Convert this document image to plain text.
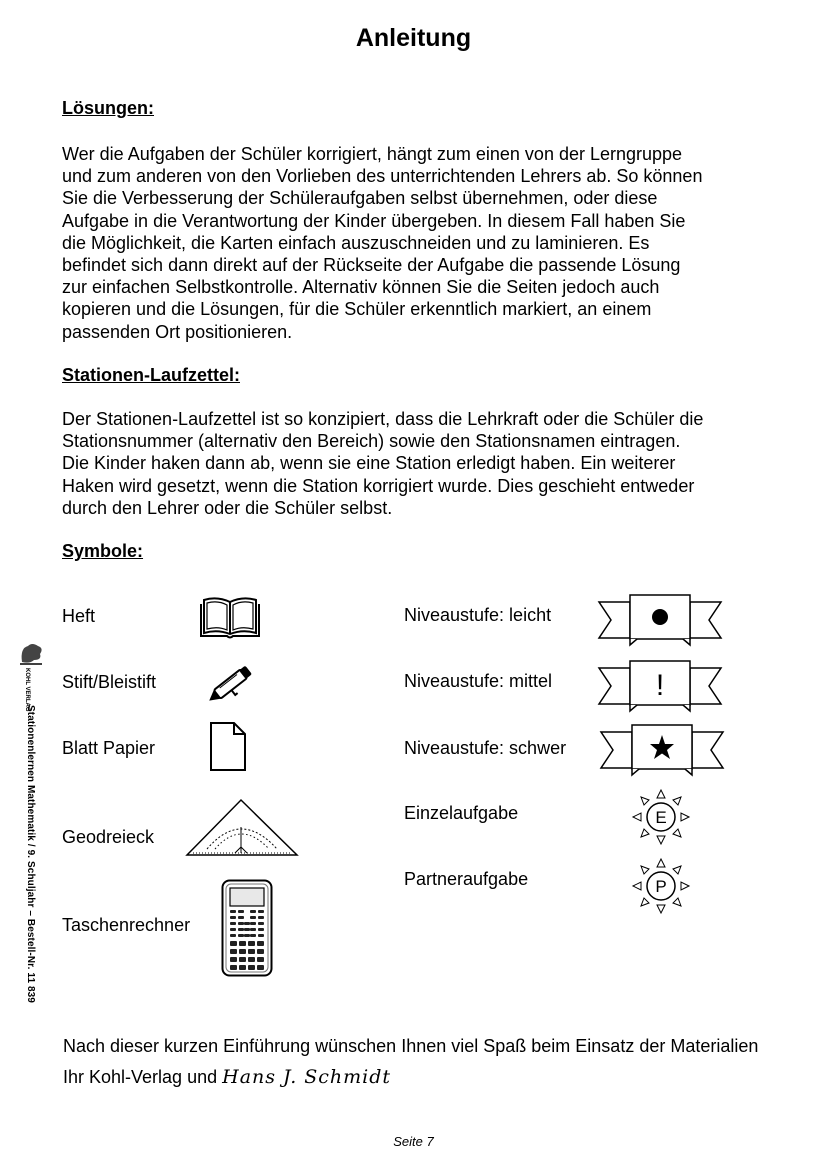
Anleitung
Lösungen:
Wer die Aufgaben der Schüler korrigiert, hängt zum einen von der Lerngruppe
und zum anderen von den Vorlieben des unterrichtenden Lehrers ab. So können
Sie die Verbesserung der Schüleraufgaben selbst übernehmen, oder diese
Aufgabe in die Verantwortung der Kinder übergeben. In diesem Fall haben Sie
die Möglichkeit, die Karten einfach auszuschneiden und zu laminieren. Es
befindet sich dann direkt auf der Rückseite der Aufgabe die passende Lösung
zur einfachen Selbstkontrolle. Alternativ können Sie die Seiten jedoch auch
kopieren und die Lösungen, für die Schüler erkenntlich markiert, an einem
passenden Ort positionieren.
Stationen-Laufzettel:
Der Stationen-Laufzettel ist so konzipiert, dass die Lehrkraft oder die Schüler die
Stationsnummer (alternativ den Bereich) sowie den Stationsnamen eintragen.
Die Kinder haken dann ab, wenn sie eine Station erledigt haben. Ein weiterer
Haken wird gesetzt, wenn die Station korrigiert wurde. Dies geschieht entweder
durch den Lehrer oder die Schüler selbst.
Symbole:
Heft
Stift/Bleistift
Blatt Papier
Geodreieck
Taschenrechner
Niveaustufe: leicht
Niveaustufe: mittel	!
Niveaustufe: schwer
Einzelaufgabe	E
Partneraufgabe	P
Nach dieser kurzen Einführung wünschen Ihnen viel Spaß beim Einsatz der Materialien
Ihr Kohl-Verlag und Hans J. Schmidt
KOHL VERLAG
Stationenlernen Mathematik / 9. Schuljahr – Bestell-Nr. 11 839
Seite 7
